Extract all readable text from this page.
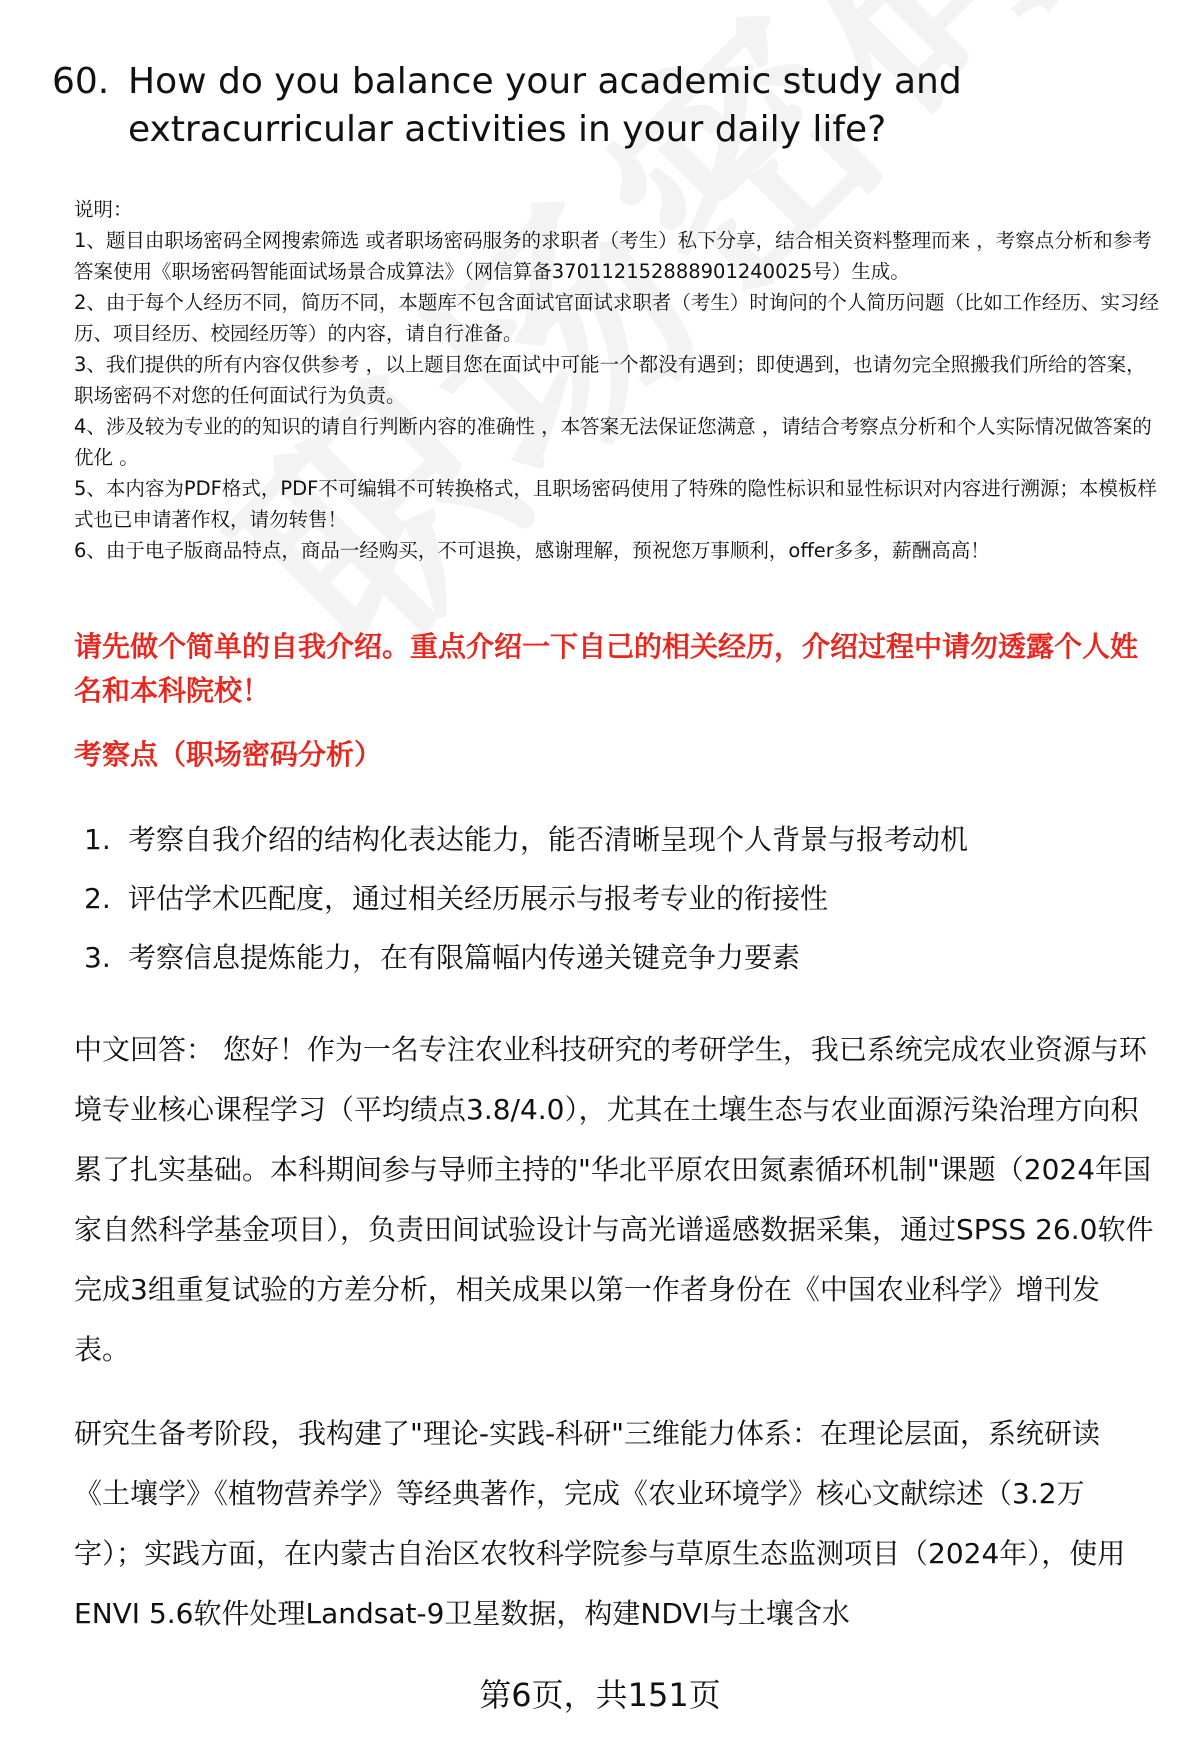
60. How do you balance your academic study and extracurricular activities in your daily life?
说明：
1、题目由职场密码全网搜索筛选 或者职场密码服务的求职者（考生）私下分享，结合相关资料整理而来 ，考察点分析和参考答案使用《职场密码智能面试场景合成算法》（网信算备370112152888901240025号）生成。
2、由于每个人经历不同，简历不同，本题库不包含面试官面试求职者（考生）时询问的个人简历问题（比如工作经历、实习经历、项目经历、校园经历等）的内容，请自行准备。
3、我们提供的所有内容仅供参考 ，以上题目您在面试中可能一个都没有遇到；即使遇到，也请勿完全照搬我们所给的答案，职场密码不对您的任何面试行为负责。
4、涉及较为专业的的知识的请自行判断内容的准确性 ，本答案无法保证您满意 ，请结合考察点分析和个人实际情况做答案的优化 。
5、本内容为PDF格式，PDF不可编辑不可转换格式，且职场密码使用了特殊的隐性标识和显性标识对内容进行溯源；本模板样式也已申请著作权，请勿转售！
6、由于电子版商品特点，商品一经购买，不可退换，感谢理解，预祝您万事顺利，offer多多，薪酬高高！
请先做个简单的自我介绍。重点介绍一下自己的相关经历，介绍过程中请勿透露个人姓名和本科院校！
考察点（职场密码分析）
1. 考察自我介绍的结构化表达能力，能否清晰呈现个人背景与报考动机
2. 评估学术匹配度，通过相关经历展示与报考专业的衔接性
3. 考察信息提炼能力，在有限篇幅内传递关键竞争力要素

中文回答： 您好！作为一名专注农业科技研究的考研学生，我已系统完成农业资源与环境专业核心课程学习（平均绩点3.8/4.0），尤其在土壤生态与农业面源污染治理方向积累了扎实基础。本科期间参与导师主持的"华北平原农田氮素循环机制"课题（2024年国家自然科学基金项目），负责田间试验设计与高光谱遥感数据采集，通过SPSS 26.0软件完成3组重复试验的方差分析，相关成果以第一作者身份在《中国农业科学》增刊发表。

研究生备考阶段，我构建了"理论-实践-科研"三维能力体系：在理论层面，系统研读《土壤学》《植物营养学》等经典著作，完成《农业环境学》核心文献综述（3.2万字）；实践方面，在内蒙古自治区农牧科学院参与草原生态监测项目（2024年），使用ENVI 5.6软件处理Landsat-9卫星数据，构建NDVI与土壤含水

第6页，共151页
